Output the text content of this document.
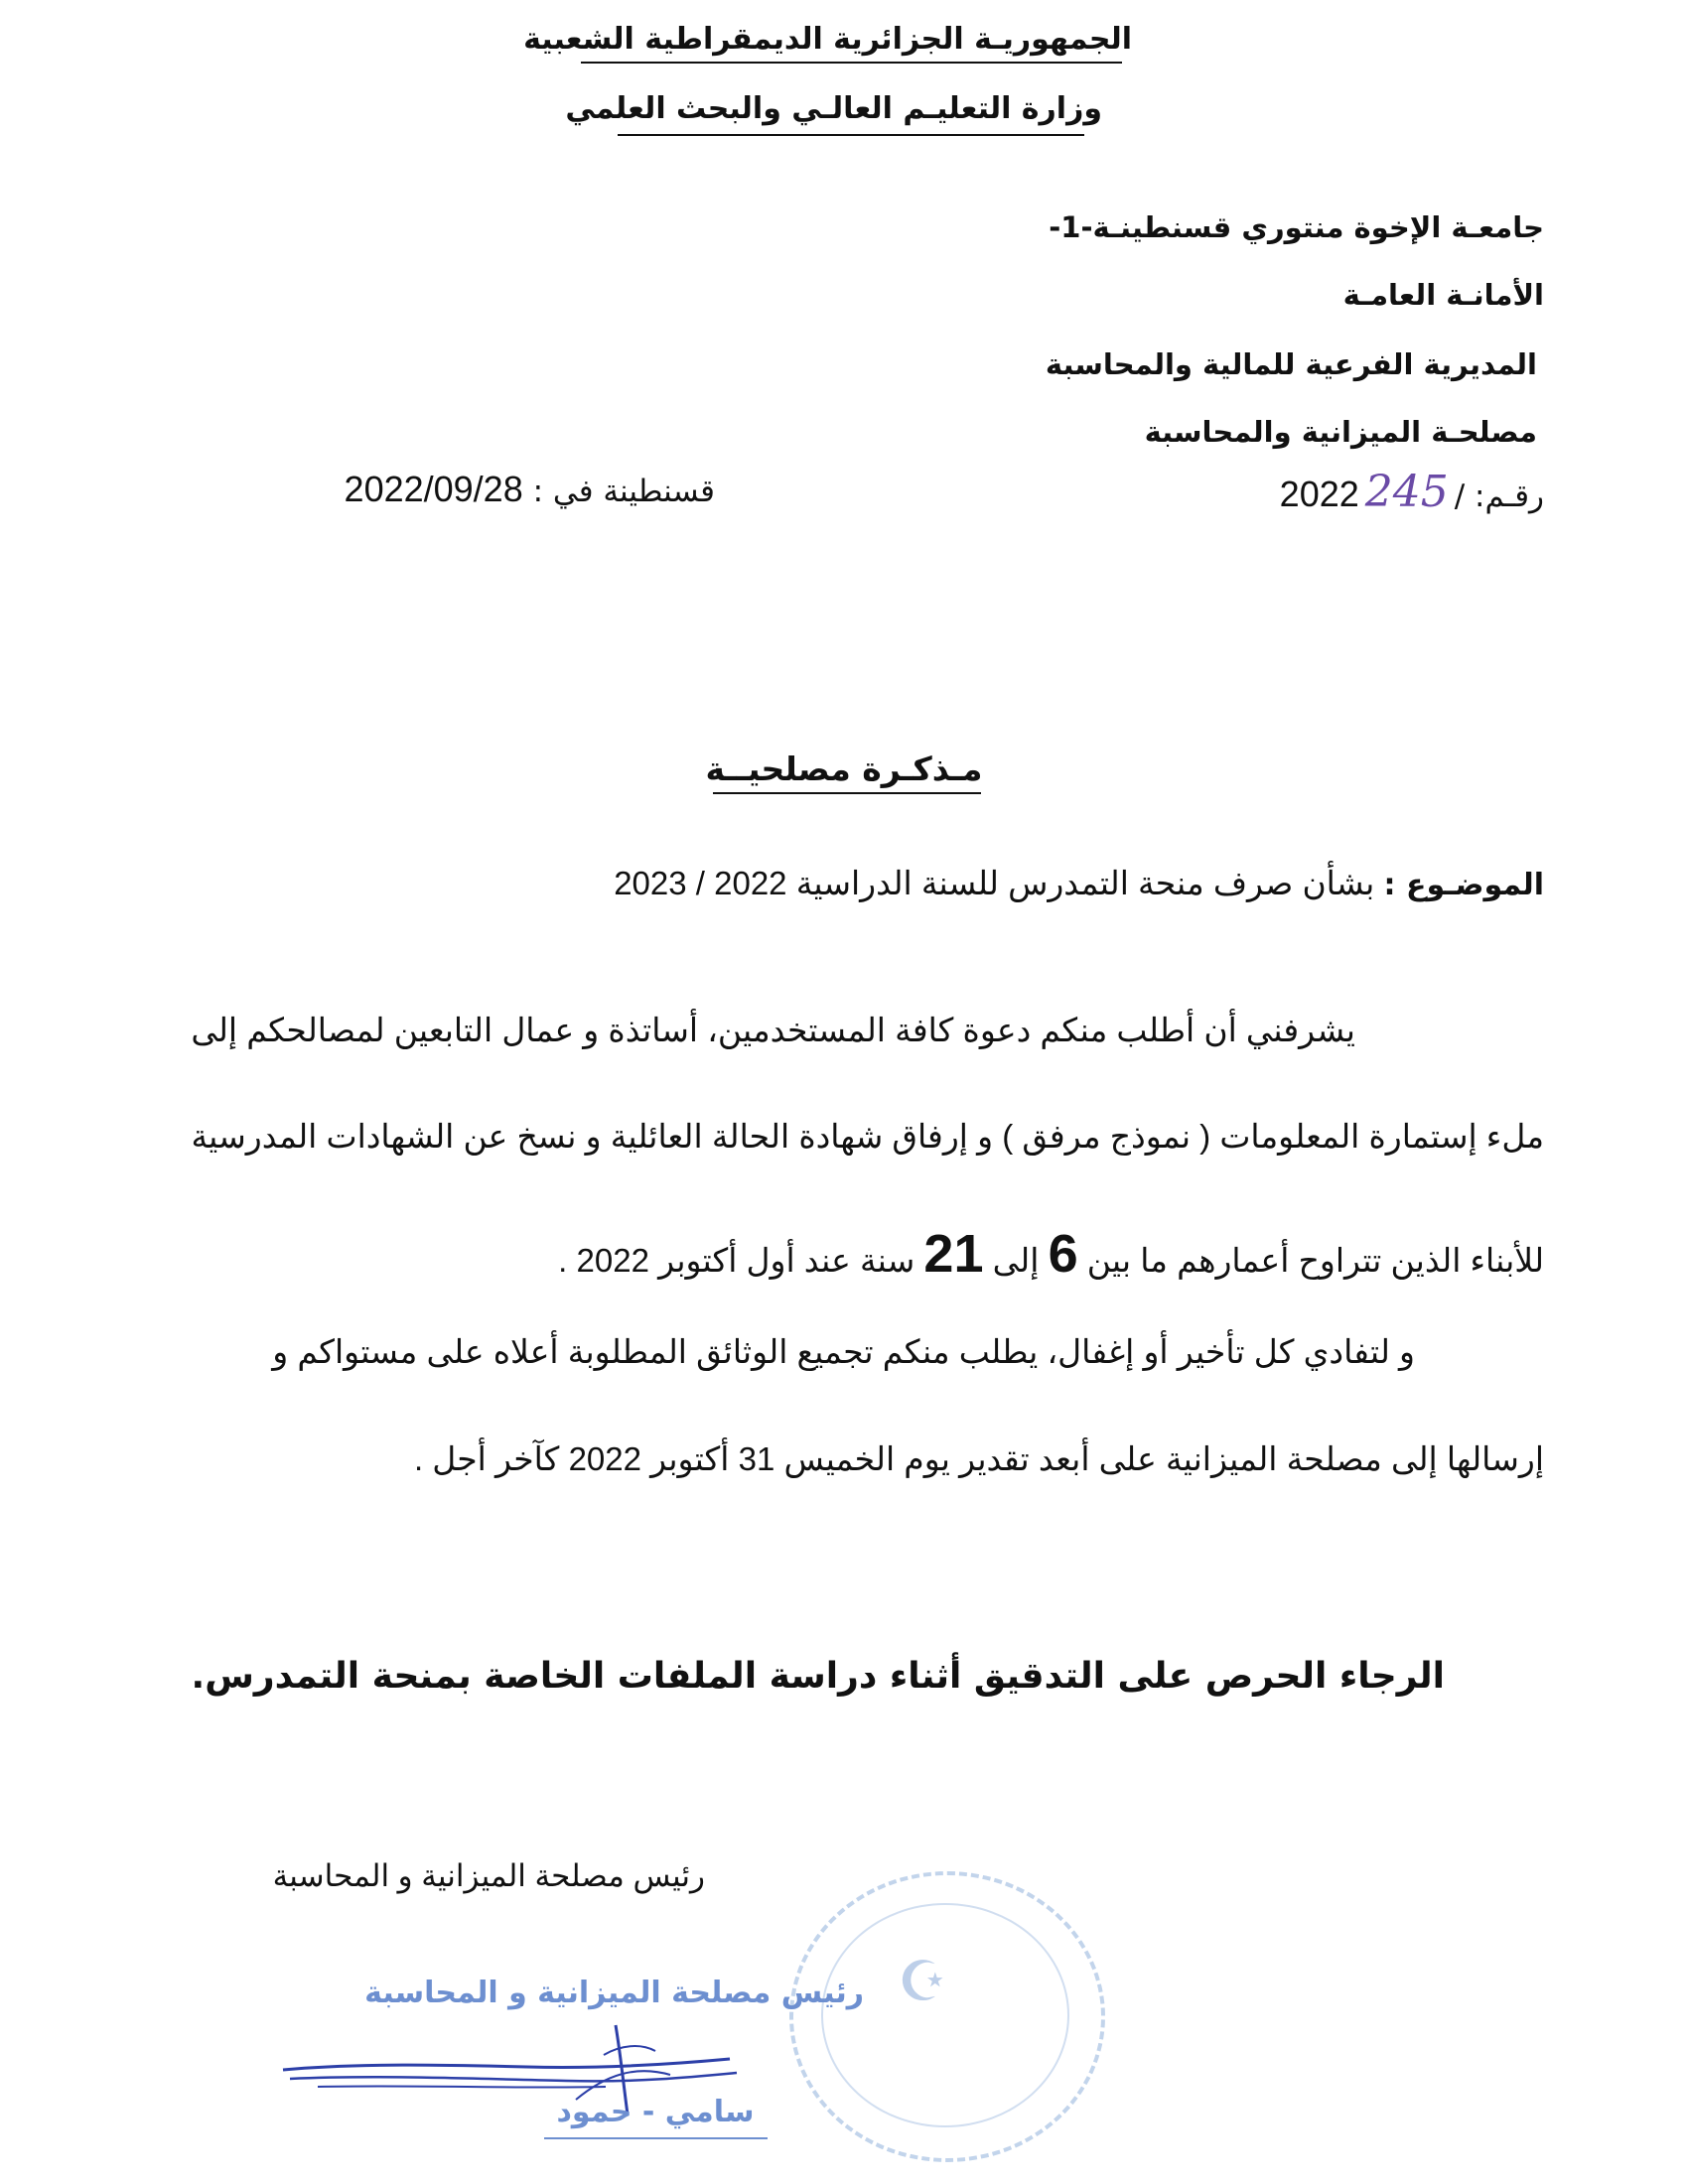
الجمهوريـة الجزائرية الديمقراطية الشعبية
وزارة التعليـم العالـي والبحث العلمي
جامعـة الإخوة منتوري قسنطينـة-1-
الأمانـة العامـة
المديرية الفرعية للمالية والمحاسبة
مصلحـة الميزانية والمحاسبة
رقـم: /2452022
قسنطينة في : 2022/09/28
مـذكـرة مصلحيــة
الموضـوع : بشأن صرف منحة التمدرس للسنة الدراسية 2022 / 2023
يشرفني أن أطلب منكم دعوة كافة المستخدمين، أساتذة و عمال التابعين لمصالحكم إلى
ملء إستمارة المعلومات ( نموذج مرفق ) و إرفاق شهادة الحالة العائلية و نسخ عن الشهادات المدرسية
للأبناء الذين تتراوح أعمارهم ما بين 6 إلى 21 سنة عند أول أكتوبر 2022 .
و لتفادي كل تأخير أو إغفال، يطلب منكم تجميع الوثائق المطلوبة أعلاه على مستواكم و
إرسالها إلى مصلحة الميزانية على أبعد تقدير يوم الخميس 31 أكتوبر 2022 كآخر أجل .
الرجاء الحرص على التدقيق أثناء دراسة الملفات الخاصة بمنحة التمدرس.
رئيس مصلحة الميزانية و المحاسبة
☪
رئيس مصلحة الميزانية و المحاسبة
سامي - حمود
